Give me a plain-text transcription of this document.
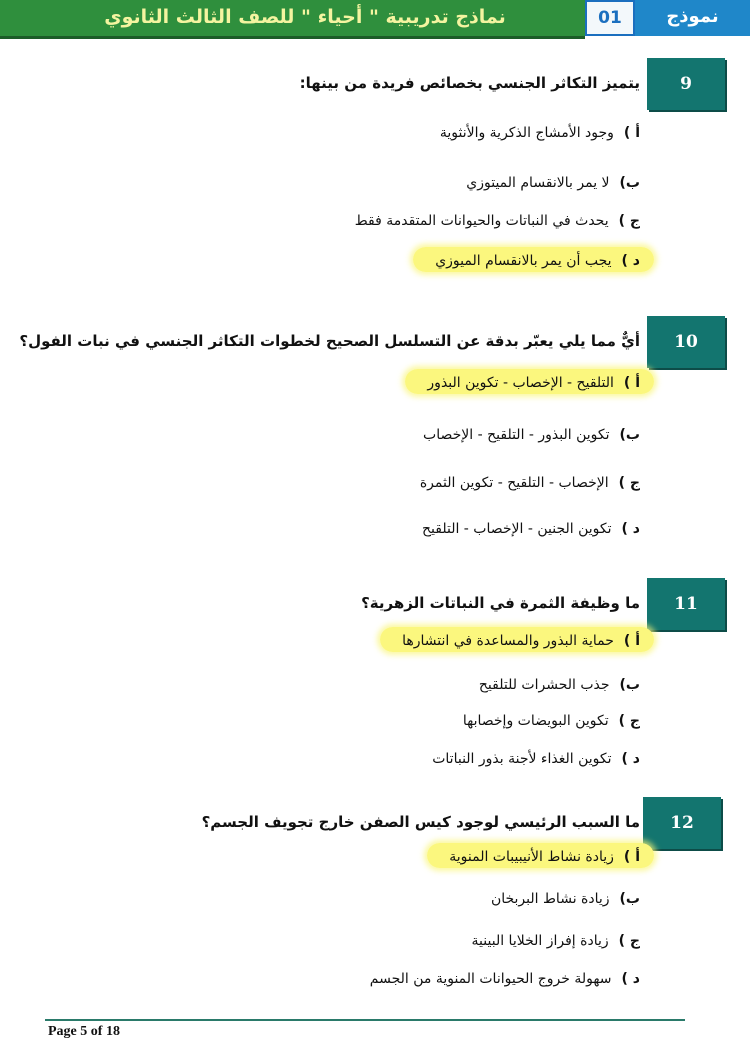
نماذج تدريبية " أحياء " للصف الثالث الثانوي	01	نموذج
9
يتميز التكاثر الجنسي بخصائص فريدة من بينها:
أ )وجود الأمشاج الذكرية والأنثوية
ب)لا يمر بالانقسام الميتوزي
ج )يحدث في النباتات والحيوانات المتقدمة فقط
د )يجب أن يمر بالانقسام الميوزي
10
أيٌّ مما يلي يعبّر بدقة عن التسلسل الصحيح لخطوات التكاثر الجنسي في نبات الفول؟
أ )التلقيح - الإخصاب - تكوين البذور
ب)تكوين البذور - التلقيح - الإخصاب
ج )الإخصاب - التلقيح - تكوين الثمرة
د )تكوين الجنين - الإخصاب - التلقيح
11
ما وظيفة الثمرة في النباتات الزهرية؟
أ )حماية البذور والمساعدة في انتشارها
ب)جذب الحشرات للتلقيح
ج )تكوين البويضات وإخصابها
د )تكوين الغذاء لأجنة بذور النباتات
12
ما السبب الرئيسي لوجود كيس الصفن خارج تجويف الجسم؟
أ )زيادة نشاط الأنيبيبات المنوية
ب)زيادة نشاط البربخان
ج )زيادة إفراز الخلايا البينية
د )سهولة خروج الحيوانات المنوية من الجسم
Page 5 of 18
